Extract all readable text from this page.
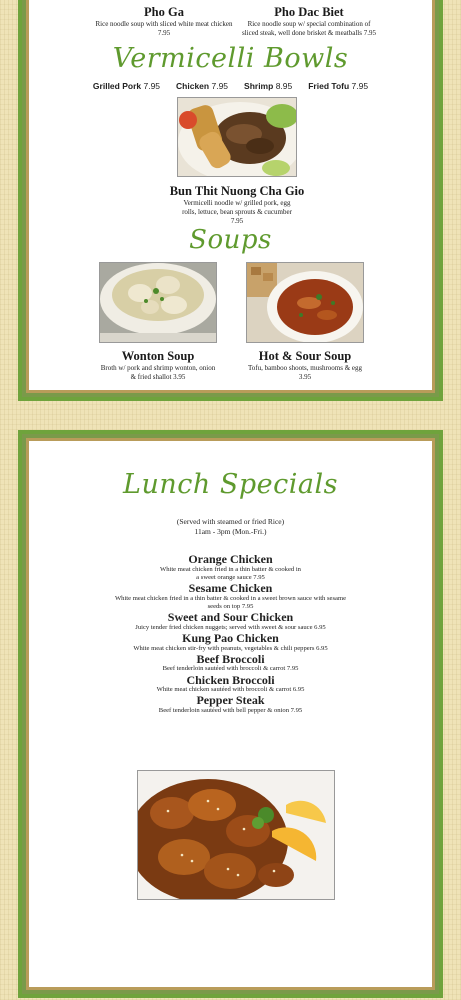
Pho Ga
Rice noodle soup with sliced white meat chicken 7.95
Pho Dac Biet
Rice noodle soup w/ special combination of sliced steak, well done brisket & meatballs 7.95
Vermicelli Bowls
Grilled Pork 7.95 Chicken 7.95 Shrimp 8.95 Fried Tofu 7.95
Bun Thit Nuong Cha Gio
Vermicelli noodle w/ grilled pork, egg rolls, lettuce, bean sprouts & cucumber 7.95
Soups
Wonton Soup
Broth w/ pork and shrimp wonton, onion & fried shallot 3.95
Hot & Sour Soup
Tofu, bamboo shoots, mushrooms & egg 3.95
Lunch Specials
(Served with steamed or fried Rice)
11am - 3pm (Mon.-Fri.)
Orange Chicken
White meat chicken fried in a thin batter & cooked in a sweet orange sauce 7.95
Sesame Chicken
White meat chicken fried in a thin batter & cooked in a sweet brown sauce with sesame seeds on top 7.95
Sweet and Sour Chicken
Juicy tender fried chicken nuggets; served with sweet & sour sauce 6.95
Kung Pao Chicken
White meat chicken stir-fry with peanuts, vegetables & chili peppers 6.95
Beef Broccoli
Beef tenderloin sautéed with broccoli & carrot 7.95
Chicken Broccoli
White meat chicken sautéed with broccoli & carrot 6.95
Pepper Steak
Beef tenderloin sautéed with bell pepper & onion 7.95
